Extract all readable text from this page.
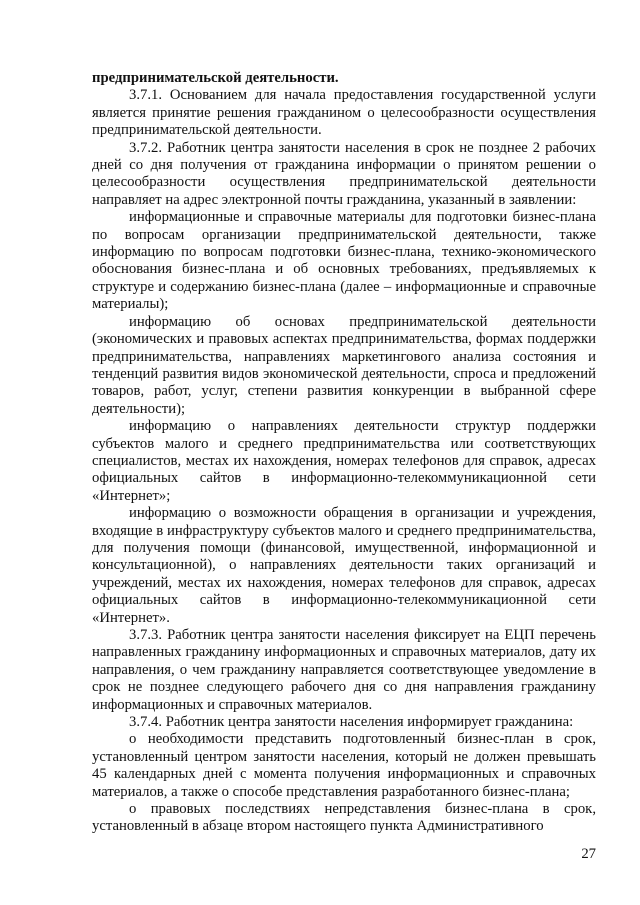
предпринимательской деятельности.

3.7.1. Основанием для начала предоставления государственной услуги является принятие решения гражданином о целесообразности осуществления предпринимательской деятельности.

3.7.2. Работник центра занятости населения в срок не позднее 2 рабочих дней со дня получения от гражданина информации о принятом решении о целесообразности осуществления предпринимательской деятельности направляет на адрес электронной почты гражданина, указанный в заявлении:

информационные и справочные материалы для подготовки бизнес-плана по вопросам организации предпринимательской деятельности, также информацию по вопросам подготовки бизнес-плана, технико-экономического обоснования бизнес-плана и об основных требованиях, предъявляемых к структуре и содержанию бизнес-плана (далее – информационные и справочные материалы);

информацию об основах предпринимательской деятельности (экономических и правовых аспектах предпринимательства, формах поддержки предпринимательства, направлениях маркетингового анализа состояния и тенденций развития видов экономической деятельности, спроса и предложений товаров, работ, услуг, степени развития конкуренции в выбранной сфере деятельности);

информацию о направлениях деятельности структур поддержки субъектов малого и среднего предпринимательства или соответствующих специалистов, местах их нахождения, номерах телефонов для справок, адресах официальных сайтов в информационно-телекоммуникационной сети «Интернет»;

информацию о возможности обращения в организации и учреждения, входящие в инфраструктуру субъектов малого и среднего предпринимательства, для получения помощи (финансовой, имущественной, информационной и консультационной), о направлениях деятельности таких организаций и учреждений, местах их нахождения, номерах телефонов для справок, адресах официальных сайтов в информационно-телекоммуникационной сети «Интернет».

3.7.3. Работник центра занятости населения фиксирует на ЕЦП перечень направленных гражданину информационных и справочных материалов, дату их направления, о чем гражданину направляется соответствующее уведомление в срок не позднее следующего рабочего дня со дня направления гражданину информационных и справочных материалов.

3.7.4. Работник центра занятости населения информирует гражданина:

о необходимости представить подготовленный бизнес-план в срок, установленный центром занятости населения, который не должен превышать 45 календарных дней с момента получения информационных и справочных материалов, а также о способе представления разработанного бизнес-плана;

о правовых последствиях непредставления бизнес-плана в срок, установленный в абзаце втором настоящего пункта Административного

27
